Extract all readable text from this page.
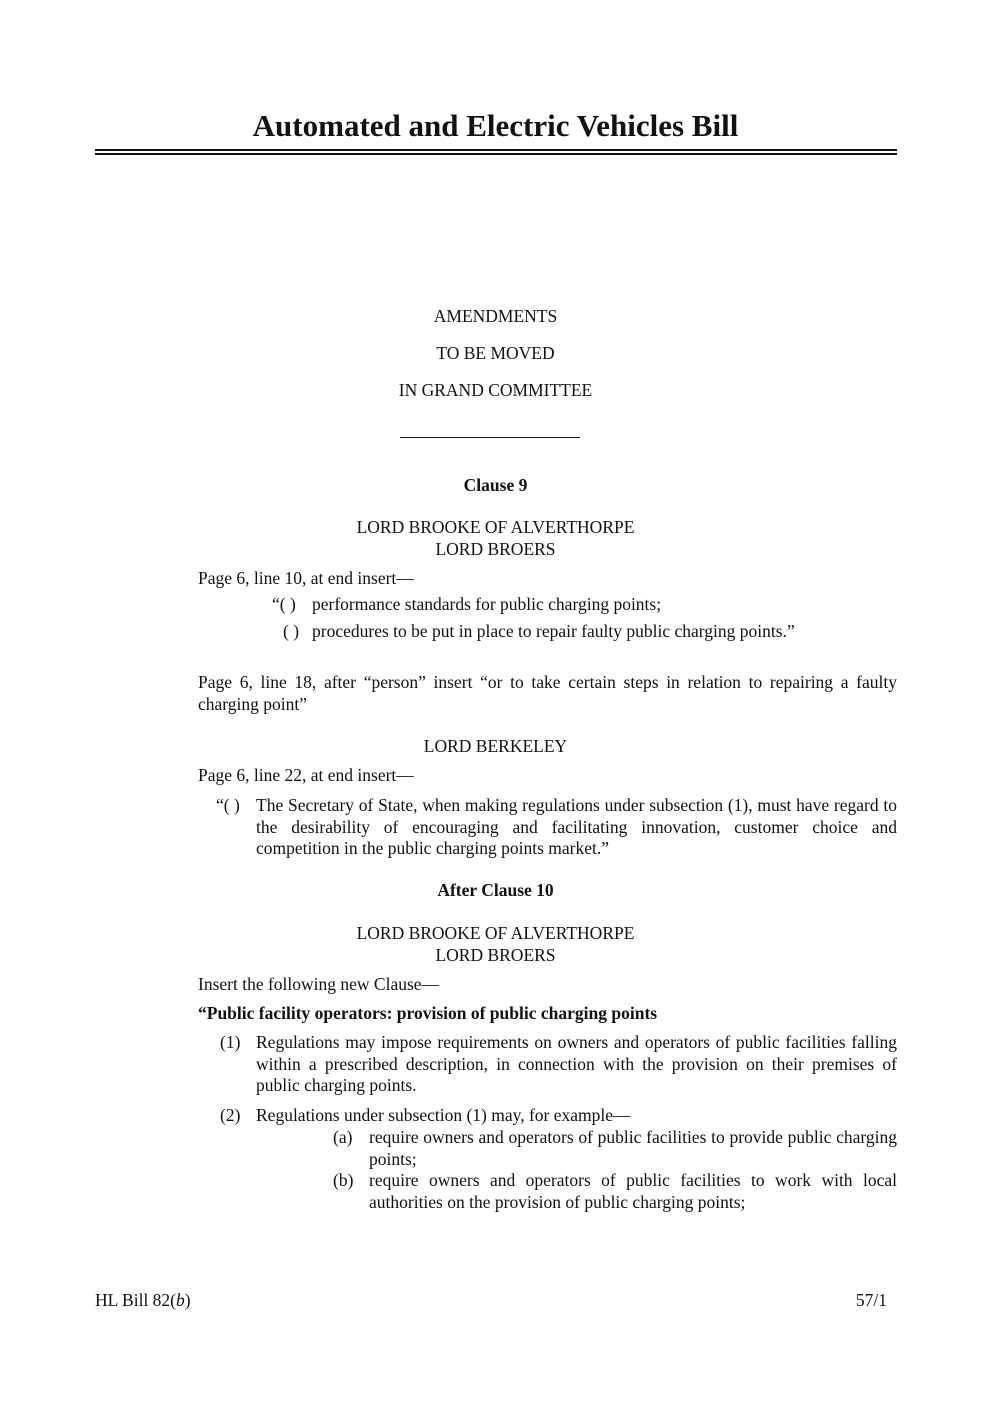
Automated and Electric Vehicles Bill
AMENDMENTS
TO BE MOVED
IN GRAND COMMITTEE
Clause 9
LORD BROOKE OF ALVERTHORPE
LORD BROERS
Page 6, line 10, at end insert—
“( ) performance standards for public charging points;
( ) procedures to be put in place to repair faulty public charging points.”
Page 6, line 18, after “person” insert “or to take certain steps in relation to repairing a faulty charging point”
LORD BERKELEY
Page 6, line 22, at end insert—
“( ) The Secretary of State, when making regulations under subsection (1), must have regard to the desirability of encouraging and facilitating innovation, customer choice and competition in the public charging points market.”
After Clause 10
LORD BROOKE OF ALVERTHORPE
LORD BROERS
Insert the following new Clause—
“Public facility operators: provision of public charging points
(1) Regulations may impose requirements on owners and operators of public facilities falling within a prescribed description, in connection with the provision on their premises of public charging points.
(2) Regulations under subsection (1) may, for example—
(a) require owners and operators of public facilities to provide public charging points;
(b) require owners and operators of public facilities to work with local authorities on the provision of public charging points;
HL Bill 82(b)	57/1
